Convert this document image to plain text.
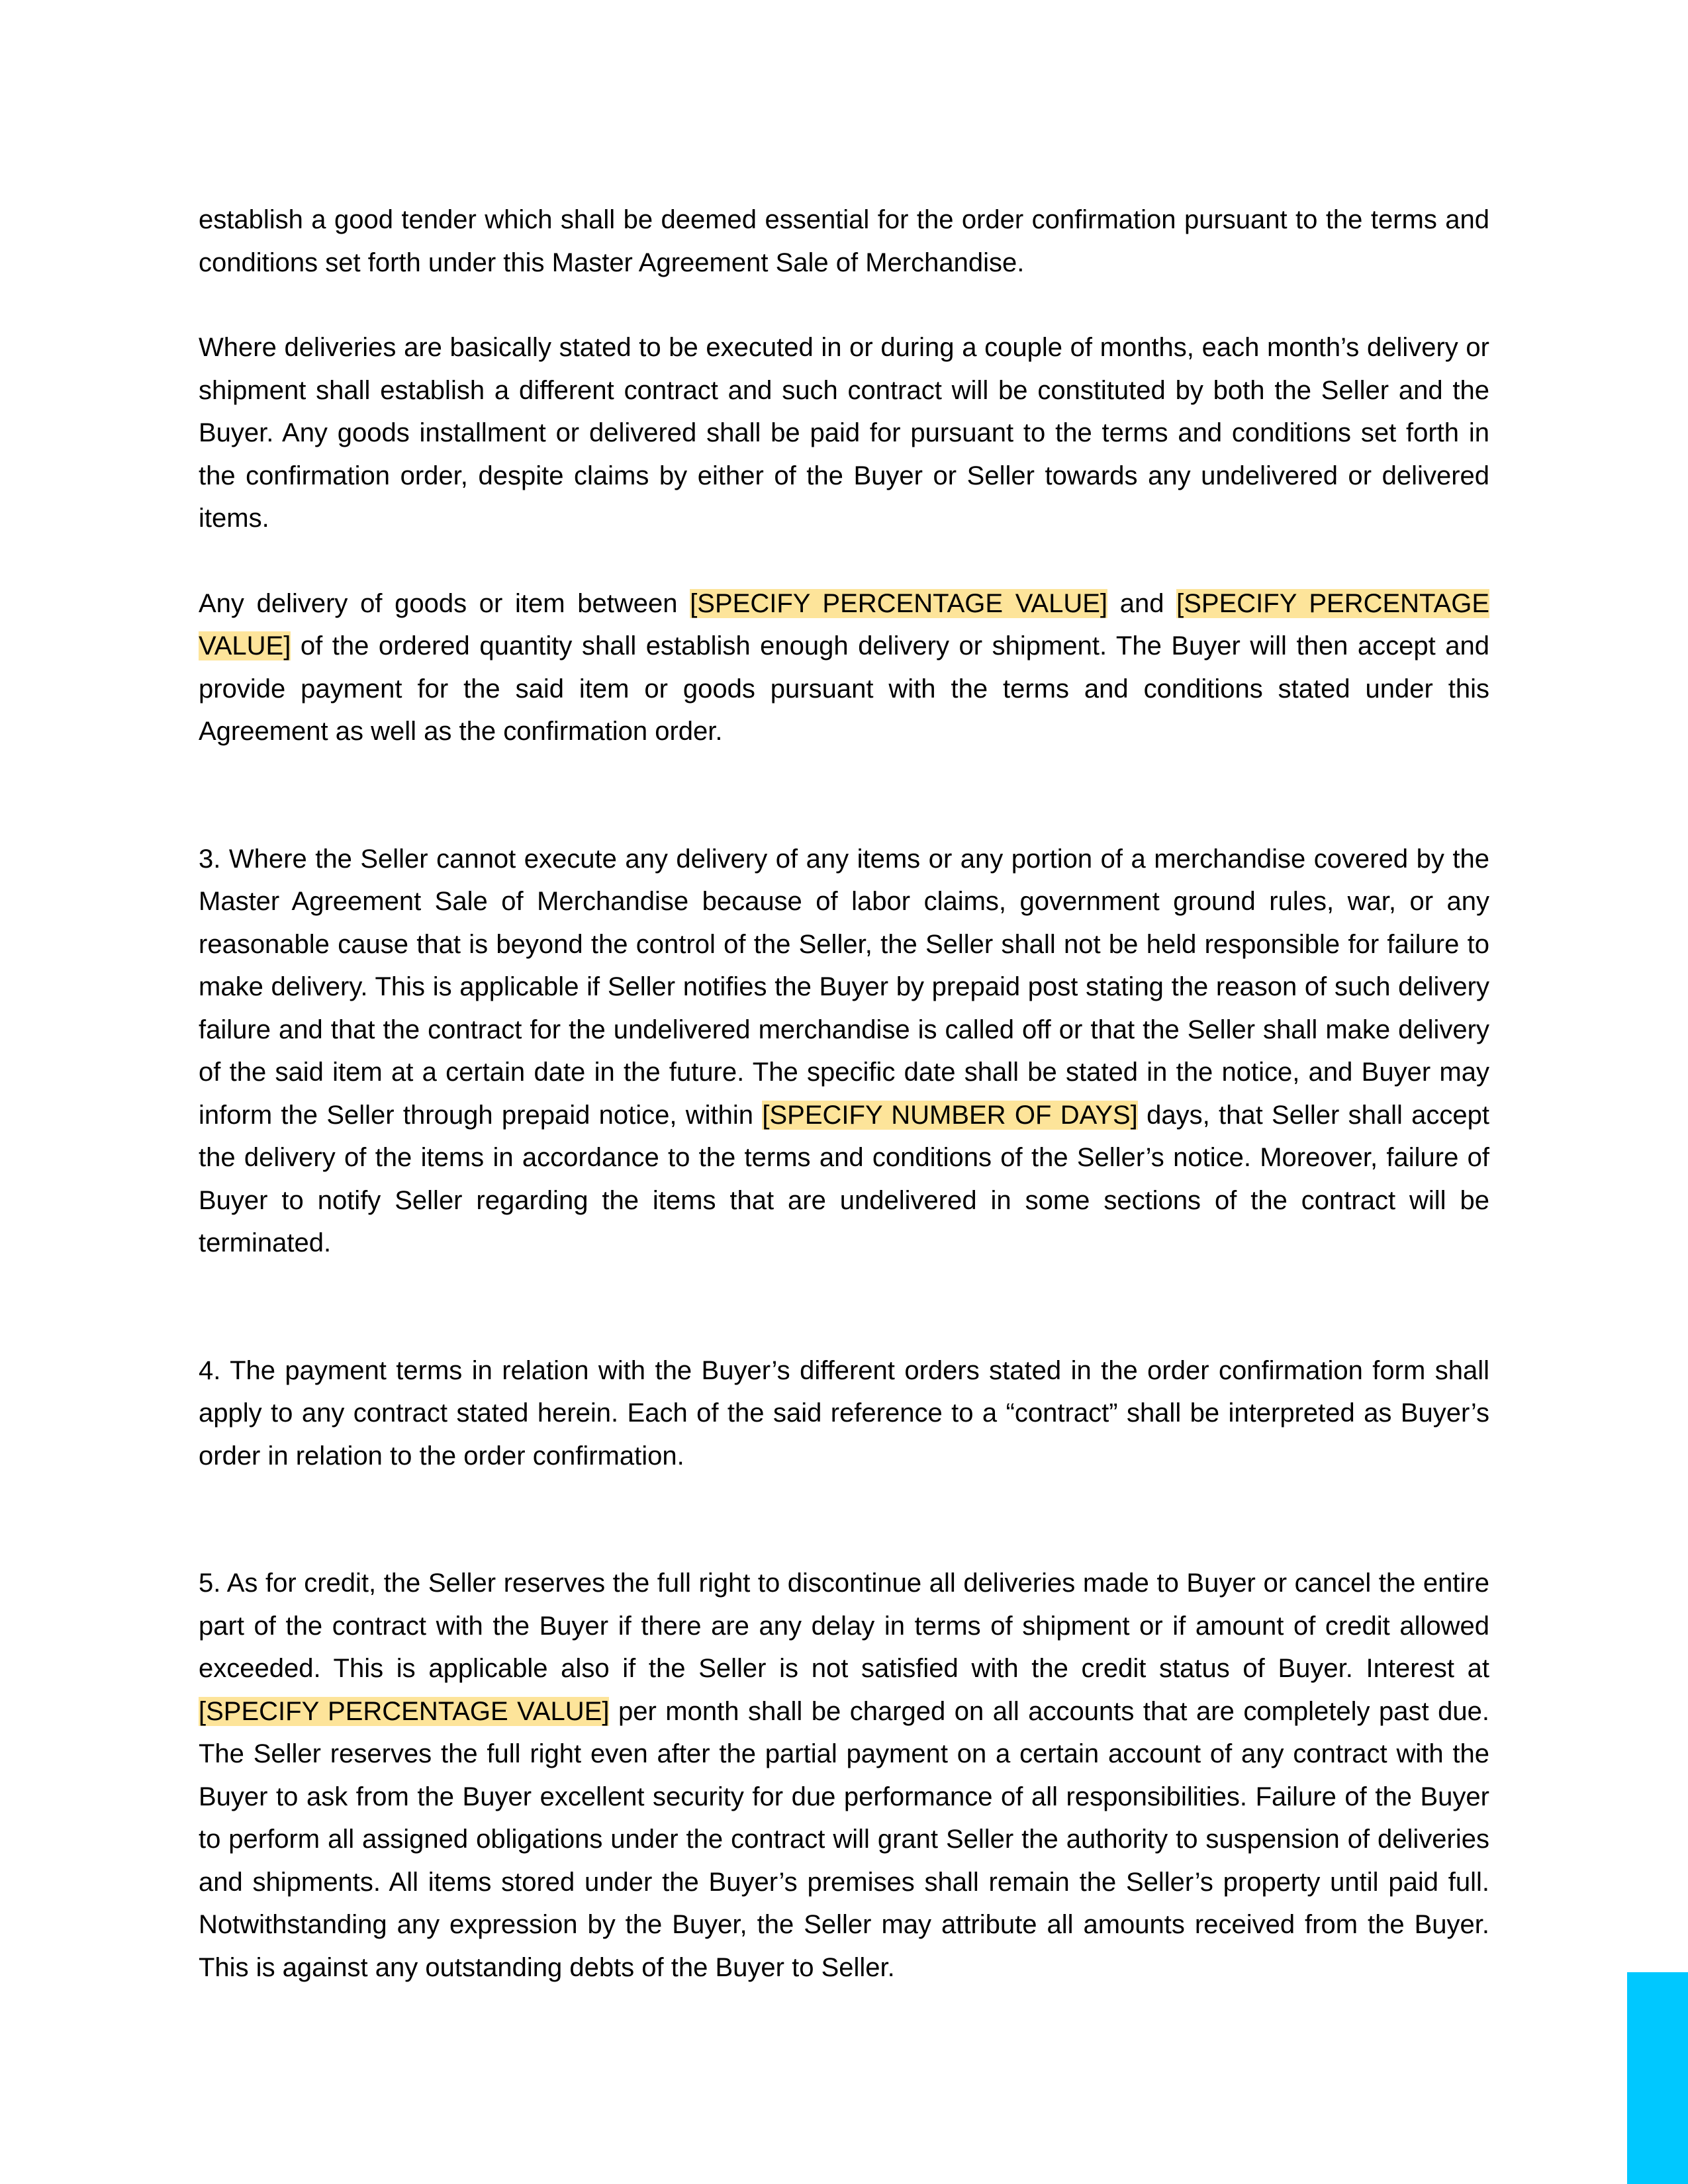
establish a good tender which shall be deemed essential for the order confirmation pursuant to the terms and conditions set forth under this Master Agreement Sale of Merchandise.

Where deliveries are basically stated to be executed in or during a couple of months, each month’s delivery or shipment shall establish a different contract and such contract will be constituted by both the Seller and the Buyer. Any goods installment or delivered shall be paid for pursuant to the terms and conditions set forth in the confirmation order, despite claims by either of the Buyer or Seller towards any undelivered or delivered items.

Any delivery of goods or item between [SPECIFY PERCENTAGE VALUE] and [SPECIFY PERCENTAGE VALUE] of the ordered quantity shall establish enough delivery or shipment. The Buyer will then accept and provide payment for the said item or goods pursuant with the terms and conditions stated under this Agreement as well as the confirmation order.

3. Where the Seller cannot execute any delivery of any items or any portion of a merchandise covered by the Master Agreement Sale of Merchandise because of labor claims, government ground rules, war, or any reasonable cause that is beyond the control of the Seller, the Seller shall not be held responsible for failure to make delivery. This is applicable if Seller notifies the Buyer by prepaid post stating the reason of such delivery failure and that the contract for the undelivered merchandise is called off or that the Seller shall make delivery of the said item at a certain date in the future. The specific date shall be stated in the notice, and Buyer may inform the Seller through prepaid notice, within [SPECIFY NUMBER OF DAYS] days, that Seller shall accept the delivery of the items in accordance to the terms and conditions of the Seller’s notice. Moreover, failure of Buyer to notify Seller regarding the items that are undelivered in some sections of the contract will be terminated.

4. The payment terms in relation with the Buyer’s different orders stated in the order confirmation form shall apply to any contract stated herein. Each of the said reference to a “contract” shall be interpreted as Buyer’s order in relation to the order confirmation.

5. As for credit, the Seller reserves the full right to discontinue all deliveries made to Buyer or cancel the entire part of the contract with the Buyer if there are any delay in terms of shipment or if amount of credit allowed exceeded. This is applicable also if the Seller is not satisfied with the credit status of Buyer. Interest at [SPECIFY PERCENTAGE VALUE] per month shall be charged on all accounts that are completely past due. The Seller reserves the full right even after the partial payment on a certain account of any contract with the Buyer to ask from the Buyer excellent security for due performance of all responsibilities. Failure of the Buyer to perform all assigned obligations under the contract will grant Seller the authority to suspension of deliveries and shipments. All items stored under the Buyer’s premises shall remain the Seller’s property until paid full. Notwithstanding any expression by the Buyer, the Seller may attribute all amounts received from the Buyer. This is against any outstanding debts of the Buyer to Seller.
